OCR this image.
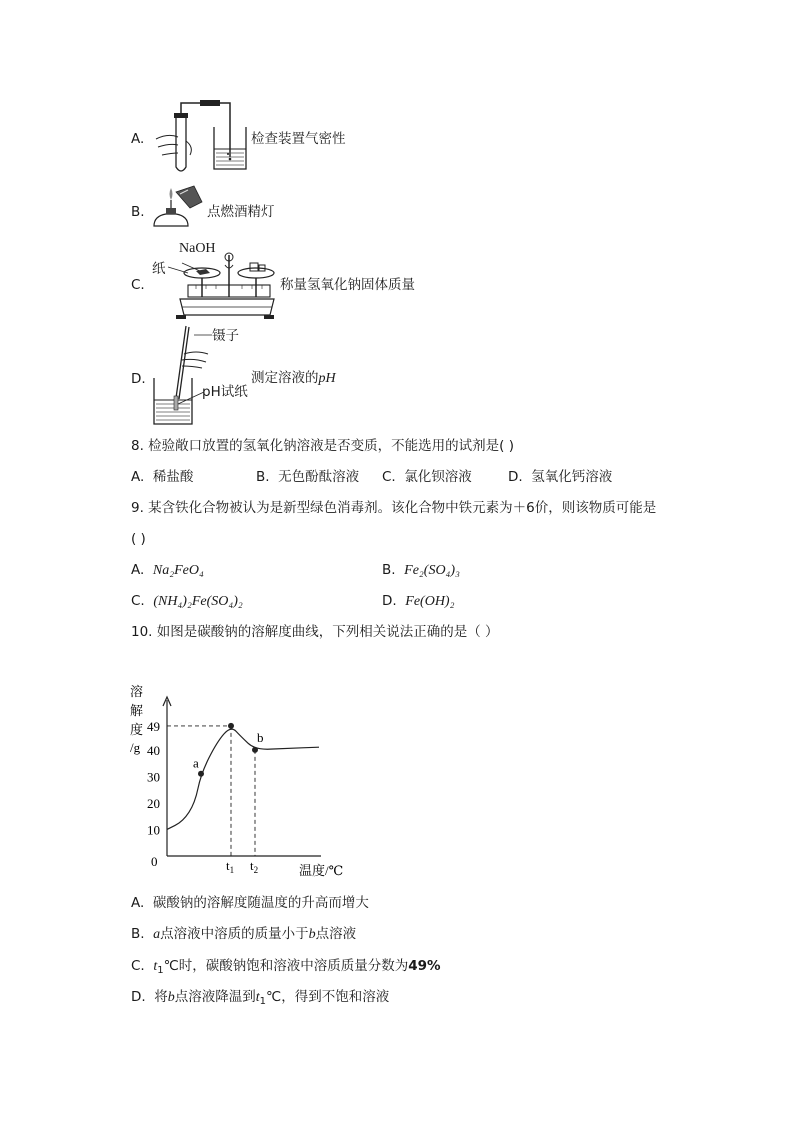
A.	检查装置气密性
B.	点燃酒精灯
C.
NaOH
纸
称量氢氧化钠固体质量
D.
镊子
pH试纸
测定溶液的pH
8. 检验敞口放置的氢氧化钠溶液是否变质，不能选用的试剂是( )
A. 稀盐酸	B. 无色酚酞溶液 C. 氯化钡溶液	D. 氢氧化钙溶液
9. 某含铁化合物被认为是新型绿色消毒剂。该化合物中铁元素为＋6价，则该物质可能是
( )
A. Na₂FeO₄	B. Fe₂(SO₄)₃
C. (NH₄)₂Fe(SO₄)₂	D. Fe(OH)₂
10. 如图是碳酸钠的溶解度曲线，下列相关说法正确的是（ ）
溶
解
度
/g
0
温度/℃
10
20
30
40
49
a
b
$t_1$ $t_2$
A. 碳酸钠的溶解度随温度的升高而增大
B. a点溶液中溶质的质量小于b点溶液
C. $t_1℃$时，碳酸钠饱和溶液中溶质质量分数为49%
D. 将b点溶液降温到$t_1℃$，得到不饱和溶液
